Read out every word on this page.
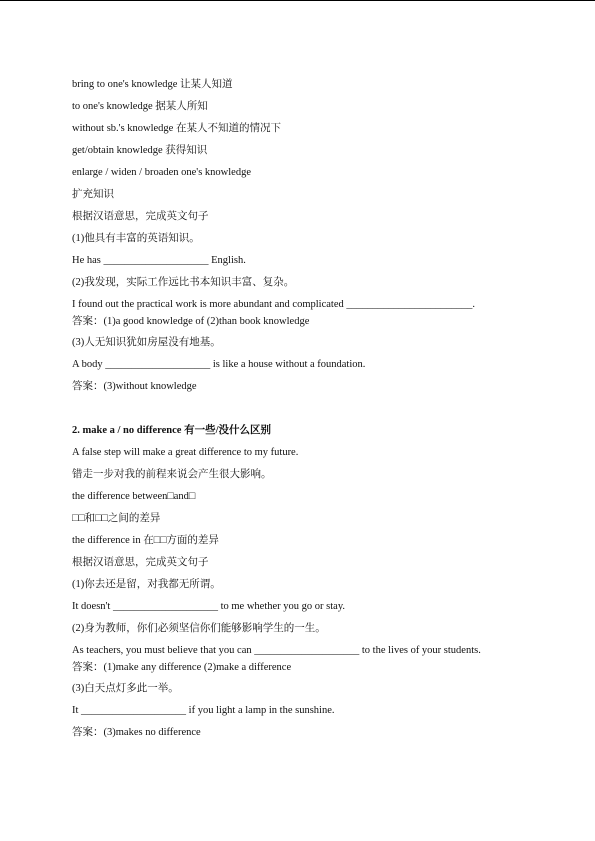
bring to one's knowledge 让某人知道
to one's knowledge 据某人所知
without sb.'s knowledge 在某人不知道的情况下
get/obtain knowledge 获得知识
enlarge / widen / broaden one's knowledge
扩充知识
根据汉语意思，完成英文句子
(1)他具有丰富的英语知识。
He has ____________________ English.
(2)我发现，实际工作远比书本知识丰富、复杂。
I found out the practical work is more abundant and complicated ________________________.
答案：(1)a good knowledge of (2)than book knowledge
(3)人无知识犹如房屋没有地基。
A body ____________________ is like a house without a foundation.
答案：(3)without knowledge
2. make a / no difference 有一些/没什么区别
A false step will make a great difference to my future.
错走一步对我的前程来说会产生很大影响。
the difference between□and□
□□和□□之间的差异
the difference in 在□□方面的差异
根据汉语意思，完成英文句子
(1)你去还是留，对我都无所谓。
It doesn't ____________________ to me whether you go or stay.
(2)身为教师，你们必须坚信你们能够影响学生的一生。
As teachers, you must believe that you can ____________________ to the lives of your students.
答案：(1)make any difference (2)make a difference
(3)白天点灯多此一举。
It ____________________ if you light a lamp in the sunshine.
答案：(3)makes no difference
